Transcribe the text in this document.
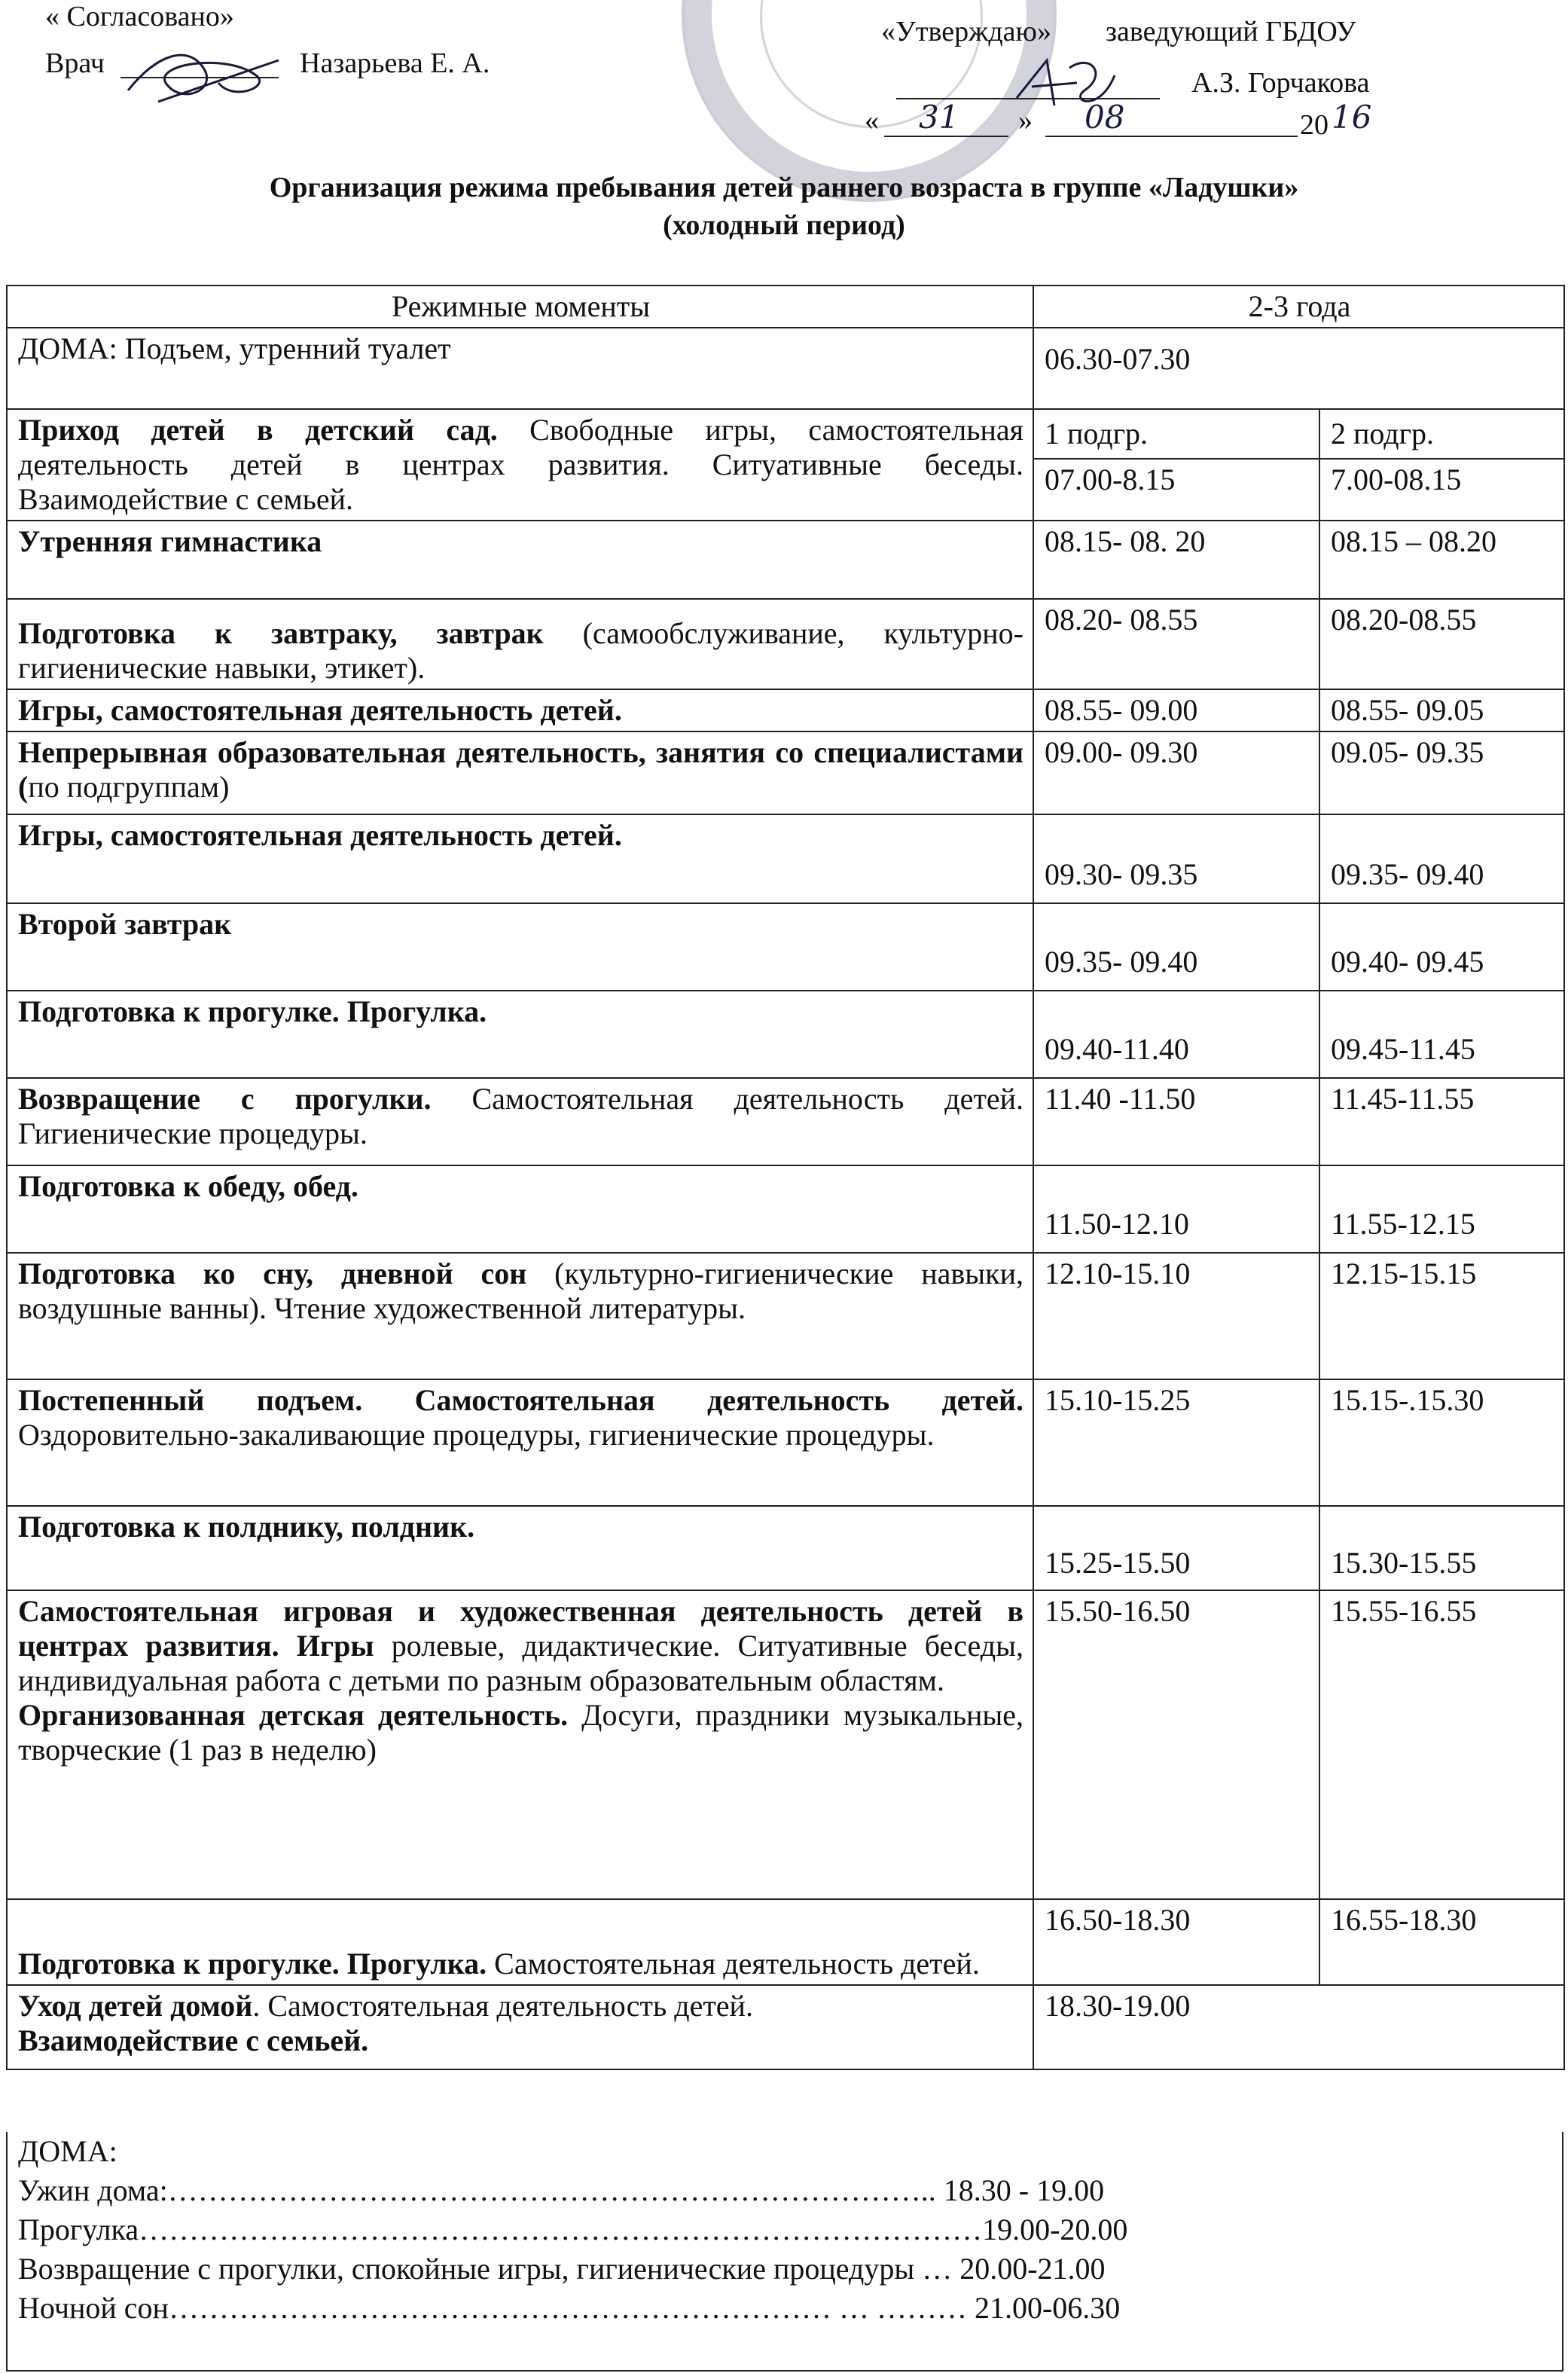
« Согласовано»
Врач	Назарьева Е. А.
«Утверждаю» заведующий ГБДОУ
А.З. Горчакова
« 31 » 08	20 16
Организация режима пребывания детей раннего возраста в группе «Ладушки»
(холодный период)
Режимные моменты	2-3 года	
ДОМА: Подъем, утренний туалет	06.30-07.30	
Приход детей в детский сад. Свободные игры, самостоятельная деятельность детей в центрах развития. Ситуативные беседы. Взаимодействие с семьей.	1 подгр.	2 подгр.
	07.00-8.15	7.00-08.15
Утренняя гимнастика	08.15- 08. 20	08.15 – 08.20
Подготовка к завтраку, завтрак (самообслуживание, культурно-гигиенические навыки, этикет).	08.20- 08.55	08.20-08.55
Игры, самостоятельная деятельность детей.	08.55- 09.00	08.55- 09.05
Непрерывная образовательная деятельность, занятия со специалистами (по подгруппам)	09.00- 09.30	09.05- 09.35
Игры, самостоятельная деятельность детей.	09.30- 09.35	09.35- 09.40
Второй завтрак	09.35- 09.40	09.40- 09.45
Подготовка к прогулке. Прогулка.	09.40-11.40	09.45-11.45
Возвращение с прогулки. Самостоятельная деятельность детей. Гигиенические процедуры.	11.40 -11.50	11.45-11.55
Подготовка к обеду, обед.	11.50-12.10	11.55-12.15
Подготовка ко сну, дневной сон (культурно-гигиенические навыки, воздушные ванны). Чтение художественной литературы.	12.10-15.10	12.15-15.15
Постепенный подъем. Самостоятельная деятельность детей. Оздоровительно-закаливающие процедуры, гигиенические процедуры.	15.10-15.25	15.15-.15.30
Подготовка к полднику, полдник.	15.25-15.50	15.30-15.55
Самостоятельная игровая и художественная деятельность детей в центрах развития. Игры ролевые, дидактические. Ситуативные беседы, индивидуальная работа с детьми по разным образовательным областям.
Организованная детская деятельность. Досуги, праздники музыкальные, творческие (1 раз в неделю)	15.50-16.50	15.55-16.55
Подготовка к прогулке. Прогулка. Самостоятельная деятельность детей.	16.50-18.30	16.55-18.30
Уход детей домой. Самостоятельная деятельность детей.
Взаимодействие с семьей.	18.30-19.00	
ДОМА:
Ужин дома:………………………………………………………………….. 18.30 - 19.00
Прогулка…………………………………………………………………………19.00-20.00
Возвращение с прогулки, спокойные игры, гигиенические процедуры … 20.00-21.00
Ночной сон………………………………………………………… … ……… 21.00-06.30
